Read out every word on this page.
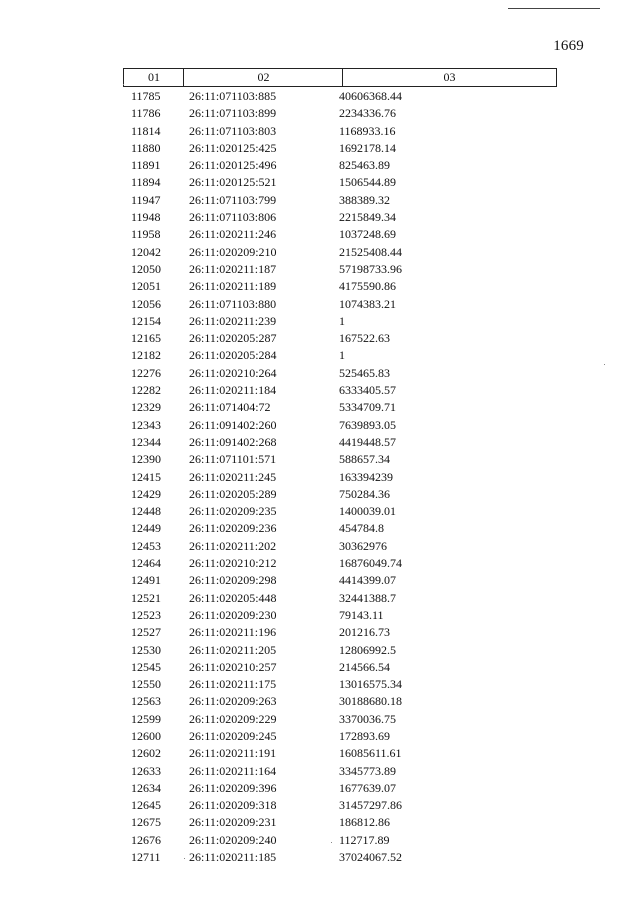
1669
01	02	03
11785	26:11:071103:885	40606368.44
11786	26:11:071103:899	2234336.76
11814	26:11:071103:803	1168933.16
11880	26:11:020125:425	1692178.14
11891	26:11:020125:496	825463.89
11894	26:11:020125:521	1506544.89
11947	26:11:071103:799	388389.32
11948	26:11:071103:806	2215849.34
11958	26:11:020211:246	1037248.69
12042	26:11:020209:210	21525408.44
12050	26:11:020211:187	57198733.96
12051	26:11:020211:189	4175590.86
12056	26:11:071103:880	1074383.21
12154	26:11:020211:239	1
12165	26:11:020205:287	167522.63
12182	26:11:020205:284	1
12276	26:11:020210:264	525465.83
12282	26:11:020211:184	6333405.57
12329	26:11:071404:72	5334709.71
12343	26:11:091402:260	7639893.05
12344	26:11:091402:268	4419448.57
12390	26:11:071101:571	588657.34
12415	26:11:020211:245	163394239
12429	26:11:020205:289	750284.36
12448	26:11:020209:235	1400039.01
12449	26:11:020209:236	454784.8
12453	26:11:020211:202	30362976
12464	26:11:020210:212	16876049.74
12491	26:11:020209:298	4414399.07
12521	26:11:020205:448	32441388.7
12523	26:11:020209:230	79143.11
12527	26:11:020211:196	201216.73
12530	26:11:020211:205	12806992.5
12545	26:11:020210:257	214566.54
12550	26:11:020211:175	13016575.34
12563	26:11:020209:263	30188680.18
12599	26:11:020209:229	3370036.75
12600	26:11:020209:245	172893.69
12602	26:11:020211:191	16085611.61
12633	26:11:020211:164	3345773.89
12634	26:11:020209:396	1677639.07
12645	26:11:020209:318	31457297.86
12675	26:11:020209:231	186812.86
12676	26:11:020209:240	112717.89
12711	26:11:020211:185	37024067.52
